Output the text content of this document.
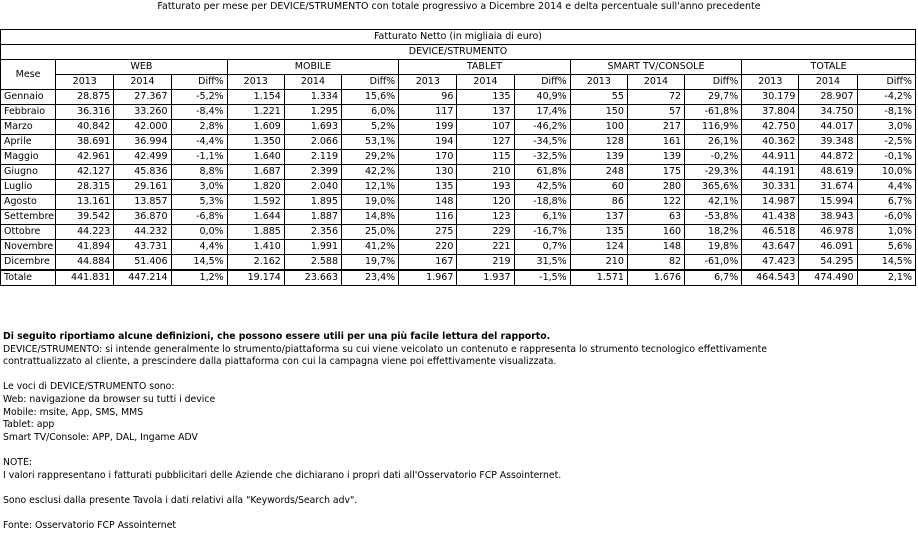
Fatturato per mese per DEVICE/STRUMENTO con totale progressivo a Dicembre 2014 e delta percentuale sull'anno precedente
Fatturato Netto (in migliaia di euro)															
DEVICE/STRUMENTO															
Mese	WEB			MOBILE			TABLET			SMART TV/CONSOLE			TOTALE		
	2013	2014	Diff%	2013	2014	Diff%	2013	2014	Diff%	2013	2014	Diff%	2013	2014	Diff%
Gennaio	28.875	27.367	-5,2%	1.154	1.334	15,6%	96	135	40,9%	55	72	29,7%	30.179	28.907	-4,2%
Febbraio	36.316	33.260	-8,4%	1.221	1.295	6,0%	117	137	17,4%	150	57	-61,8%	37.804	34.750	-8,1%
Marzo	40.842	42.000	2,8%	1.609	1.693	5,2%	199	107	-46,2%	100	217	116,9%	42.750	44.017	3,0%
Aprile	38.691	36.994	-4,4%	1.350	2.066	53,1%	194	127	-34,5%	128	161	26,1%	40.362	39.348	-2,5%
Maggio	42.961	42.499	-1,1%	1.640	2.119	29,2%	170	115	-32,5%	139	139	-0,2%	44.911	44.872	-0,1%
Giugno	42.127	45.836	8,8%	1.687	2.399	42,2%	130	210	61,8%	248	175	-29,3%	44.191	48.619	10,0%
Luglio	28.315	29.161	3,0%	1.820	2.040	12,1%	135	193	42,5%	60	280	365,6%	30.331	31.674	4,4%
Agosto	13.161	13.857	5,3%	1.592	1.895	19,0%	148	120	-18,8%	86	122	42,1%	14.987	15.994	6,7%
Settembre	39.542	36.870	-6,8%	1.644	1.887	14,8%	116	123	6,1%	137	63	-53,8%	41.438	38.943	-6,0%
Ottobre	44.223	44.232	0,0%	1.885	2.356	25,0%	275	229	-16,7%	135	160	18,2%	46.518	46.978	1,0%
Novembre	41.894	43.731	4,4%	1.410	1.991	41,2%	220	221	0,7%	124	148	19,8%	43.647	46.091	5,6%
Dicembre	44.884	51.406	14,5%	2.162	2.588	19,7%	167	219	31,5%	210	82	-61,0%	47.423	54.295	14,5%
Totale	441.831	447.214	1,2%	19.174	23.663	23,4%	1.967	1.937	-1,5%	1.571	1.676	6,7%	464.543	474.490	2,1%

Di seguito riportiamo alcune definizioni, che possono essere utili per una più facile lettura del rapporto.

DEVICE/STRUMENTO: si intende generalmente lo strumento/piattaforma su cui viene veicolato un contenuto e rappresenta lo strumento tecnologico effettivamente

contrattualizzato al cliente, a prescindere dalla piattaforma con cui la campagna viene poi effettivamente visualizzata.

Le voci di DEVICE/STRUMENTO sono:

Web: navigazione da browser su tutti i device

Mobile: msite, App, SMS, MMS

Tablet: app

Smart TV/Console: APP, DAL, Ingame ADV

NOTE:

I valori rappresentano i fatturati pubblicitari delle Aziende che dichiarano i propri dati all'Osservatorio FCP Assointernet.

Sono esclusi dalla presente Tavola i dati relativi alla "Keywords/Search adv".

Fonte: Osservatorio FCP Assointernet
